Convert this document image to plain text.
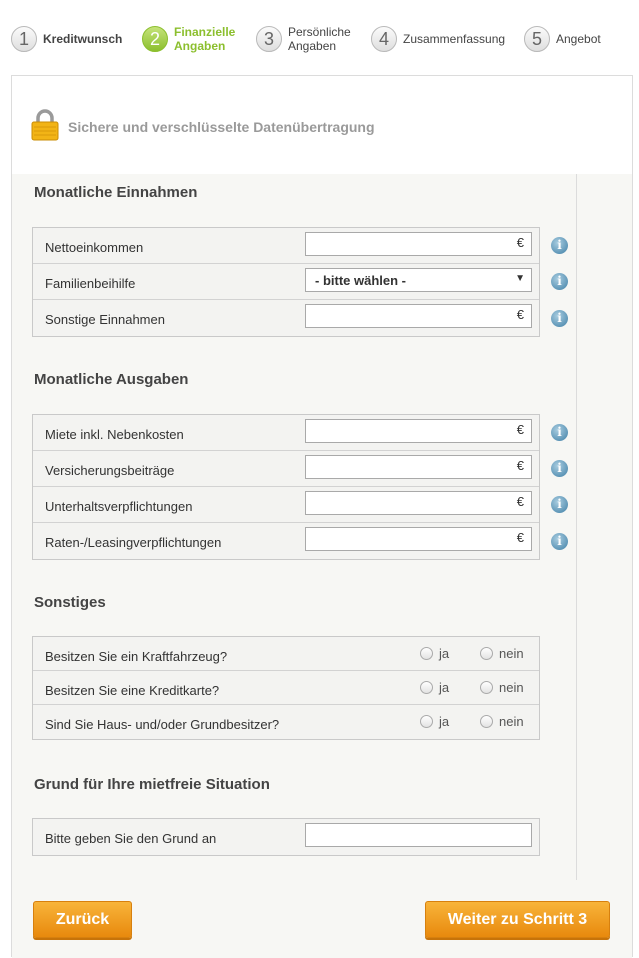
1	Kreditwunsch	2	Finanzielle
Angaben	3	Persönliche
Angaben	4	Zusammenfassung	5	Angebot
Sichere und verschlüsselte Datenübertragung
Monatliche Einnahmen
Nettoeinkommen	€
Familienbeihilfe	- bitte wählen -	▼
Sonstige Einnahmen	€
i
i
i
Monatliche Ausgaben
Miete inkl. Nebenkosten	€
Versicherungsbeiträge	€
Unterhaltsverpflichtungen	€
Raten-/Leasingverpflichtungen	€
i
i
i
i
Sonstiges
Besitzen Sie ein Kraftfahrzeug?	ja	nein
Besitzen Sie eine Kreditkarte?	ja	nein
Sind Sie Haus- und/oder Grundbesitzer?	ja	nein
Grund für Ihre mietfreie Situation
Bitte geben Sie den Grund an
Zurück	Weiter zu Schritt 3
